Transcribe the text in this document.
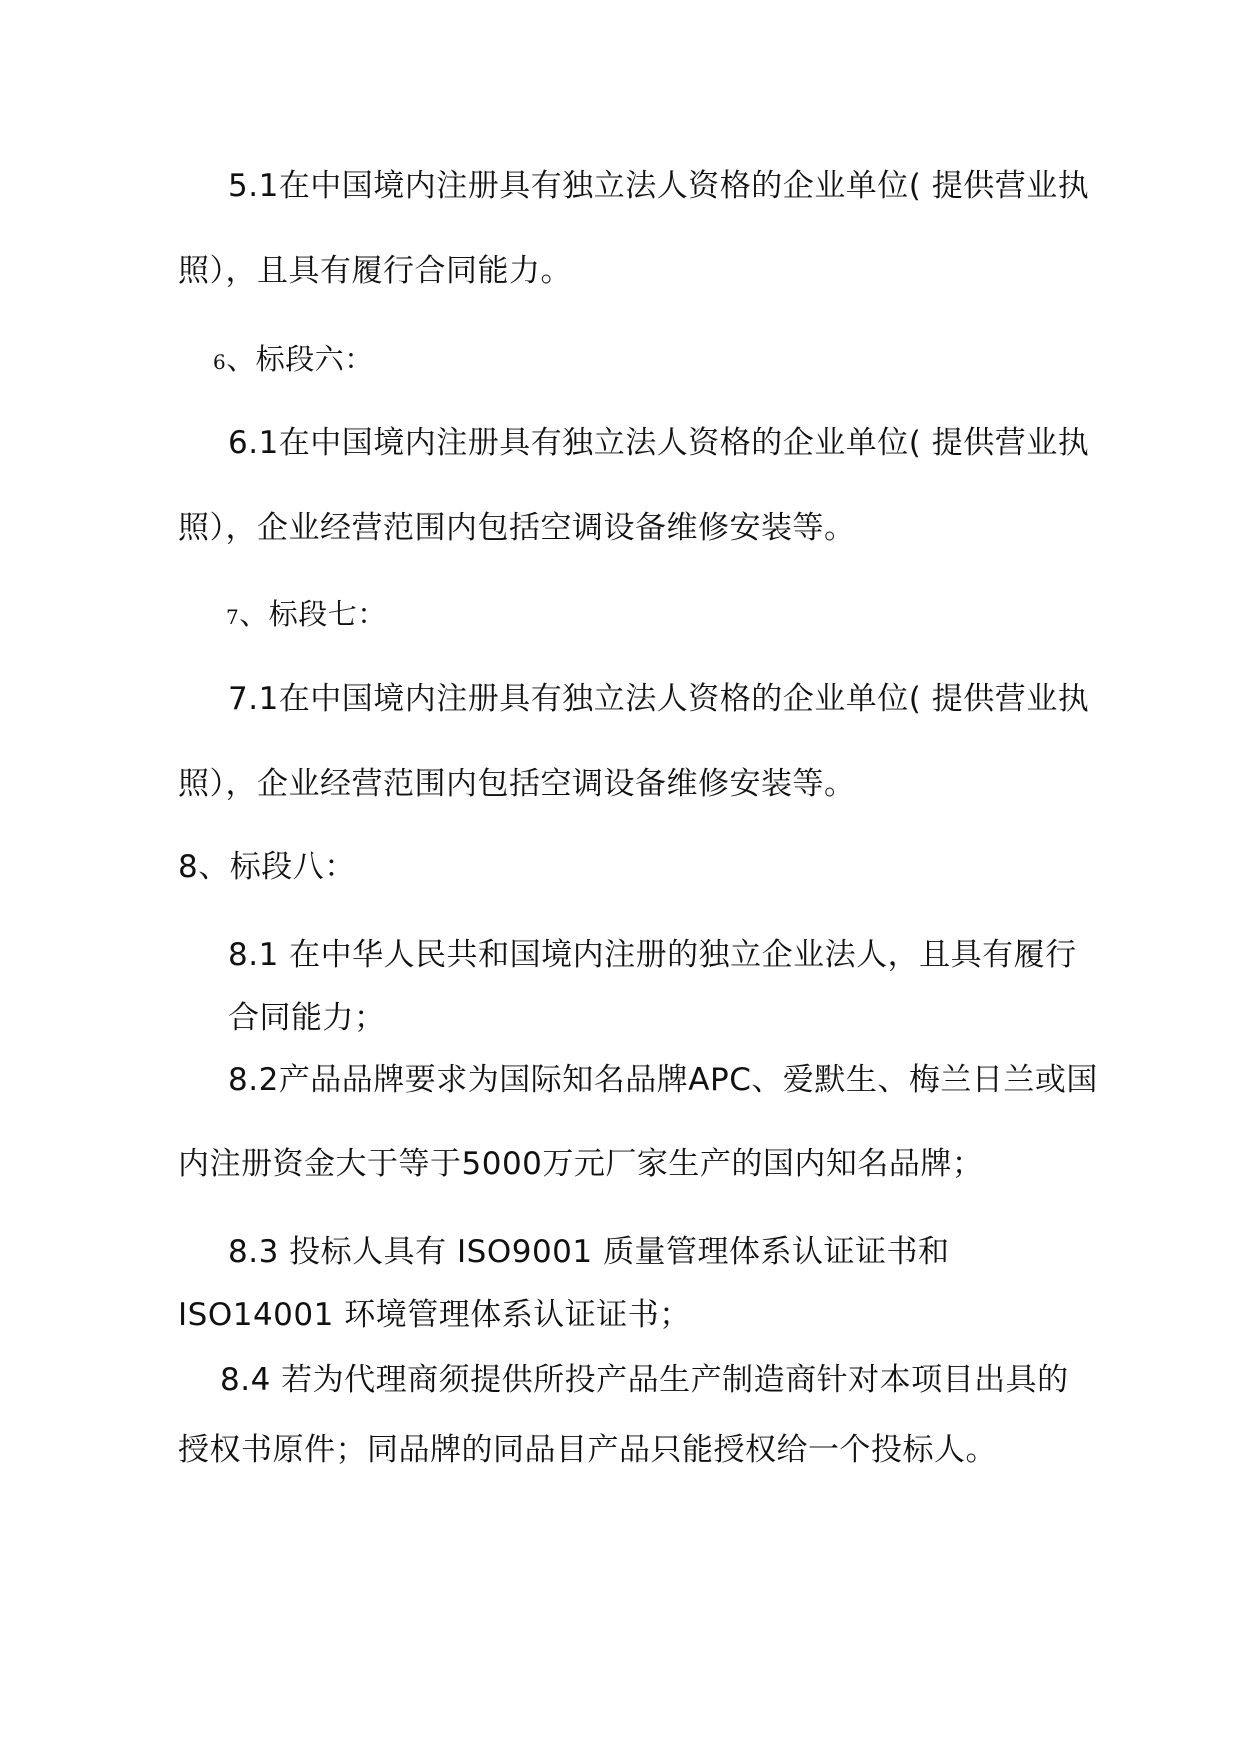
5.1在中国境内注册具有独立法人资格的企业单位( 提供营业执
照），且具有履行合同能力。
6、标段六：
6.1在中国境内注册具有独立法人资格的企业单位( 提供营业执
照），企业经营范围内包括空调设备维修安装等。
7、标段七：
7.1在中国境内注册具有独立法人资格的企业单位( 提供营业执
照），企业经营范围内包括空调设备维修安装等。
8、标段八：
8.1 在中华人民共和国境内注册的独立企业法人，且具有履行
合同能力；
8.2产品品牌要求为国际知名品牌APC、爱默生、梅兰日兰或国
内注册资金大于等于5000万元厂家生产的国内知名品牌；
8.3 投标人具有 ISO9001 质量管理体系认证证书和
ISO14001 环境管理体系认证证书；
8.4 若为代理商须提供所投产品生产制造商针对本项目出具的
授权书原件；同品牌的同品目产品只能授权给一个投标人。
